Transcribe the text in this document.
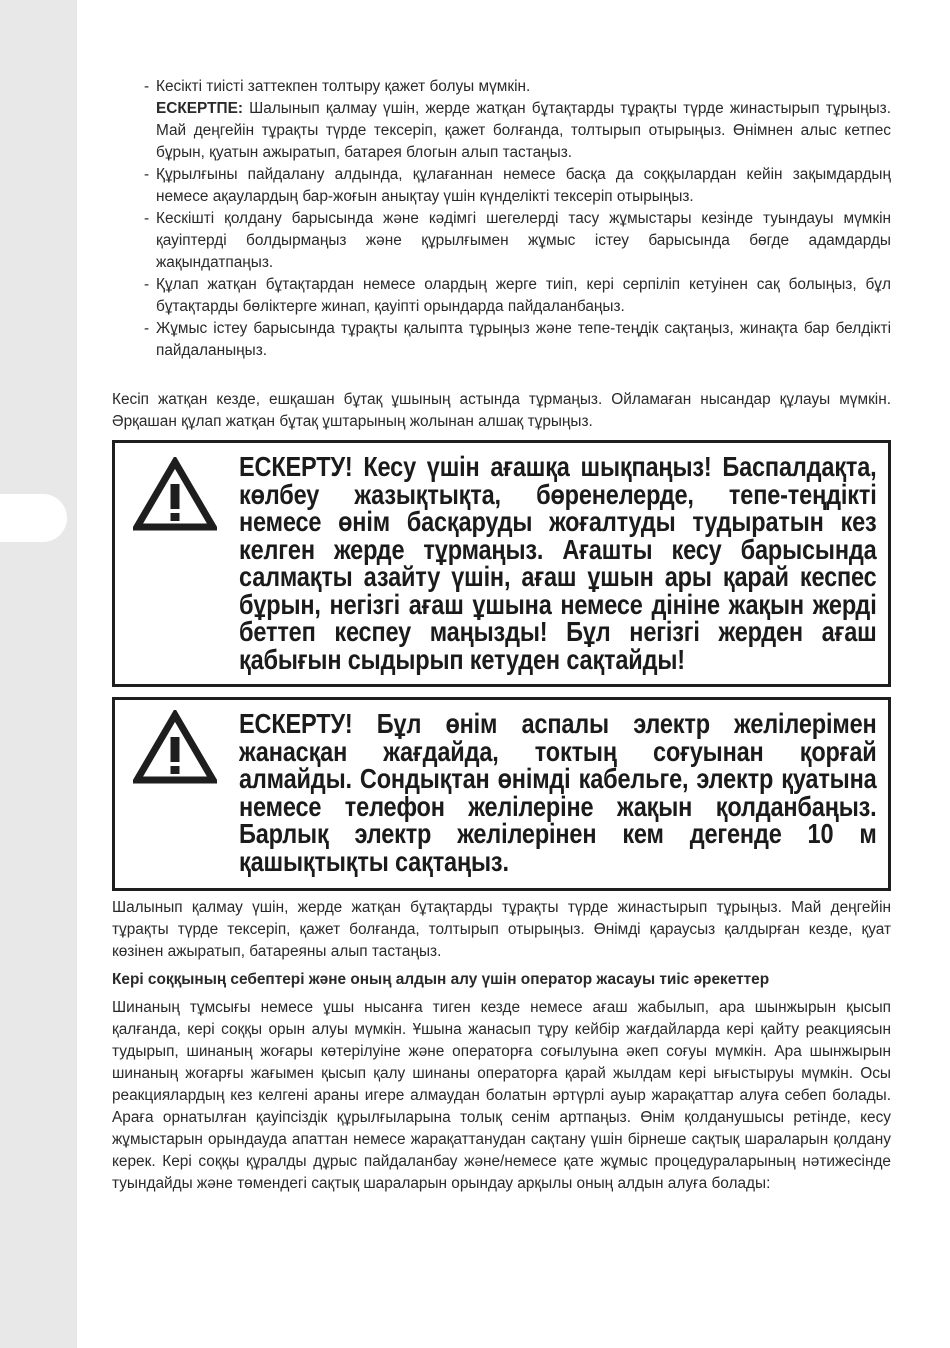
- Кесікті тиісті заттекпен толтыру қажет болуы мүмкін.

ЕСКЕРТПЕ: Шалынып қалмау үшін, жерде жатқан бұтақтарды тұрақты түрде жинастырып тұрыңыз. Май деңгейін тұрақты түрде тексеріп, қажет болғанда, толтырып отырыңыз. Өнімнен алыс кетпес бұрын, қуатын ажыратып, батарея блогын алып тастаңыз.

- Құрылғыны пайдалану алдында, құлағаннан немесе басқа да соққылардан кейін зақымдардың немесе ақаулардың бар-жоғын анықтау үшін күнделікті тексеріп отырыңыз.

- Кескішті қолдану барысында және кәдімгі шегелерді тасу жұмыстары кезінде туындауы мүмкін қауіптерді болдырмаңыз және құрылғымен жұмыс істеу барысында бөгде адамдарды жақындатпаңыз.

- Құлап жатқан бұтақтардан немесе олардың жерге тиіп, кері серпіліп кетуінен сақ болыңыз, бұл бұтақтарды бөліктерге жинап, қауіпті орындарда пайдаланбаңыз.

- Жұмыс істеу барысында тұрақты қалыпта тұрыңыз және тепе-теңдік сақтаңыз, жинақта бар белдікті пайдаланыңыз.

Кесіп жатқан кезде, ешқашан бұтақ ұшының астында тұрмаңыз. Ойламаған нысандар құлауы мүмкін. Әрқашан құлап жатқан бұтақ ұштарының жолынан алшақ тұрыңыз.

ЕСКЕРТУ! Кесу үшін ағашқа шықпаңыз! Баспалдақта, көлбеу жазықтықта, бөренелерде, тепе-теңдікті немесе өнім басқаруды жоғалтуды тудыратын кез келген жерде тұрмаңыз. Ағашты кесу барысында салмақты азайту үшін, ағаш ұшын ары қарай кеспес бұрын, негізгі ағаш ұшына немесе дініне жақын жерді беттеп кеспеу маңызды! Бұл негізгі жерден ағаш қабығын сыдырып кетуден сақтайды!

ЕСКЕРТУ! Бұл өнім аспалы электр желілерімен жанасқан жағдайда, токтың соғуынан қорғай алмайды. Сондықтан өнімді кабельге, электр қуатына немесе телефон желілеріне жақын қолданбаңыз. Барлық электр желілерінен кем дегенде 10 м қашықтықты сақтаңыз.

Шалынып қалмау үшін, жерде жатқан бұтақтарды тұрақты түрде жинастырып тұрыңыз. Май деңгейін тұрақты түрде тексеріп, қажет болғанда, толтырып отырыңыз. Өнімді қараусыз қалдырған кезде, қуат көзінен ажыратып, батареяны алып тастаңыз.

Кері соққының себептері және оның алдын алу үшін оператор жасауы тиіс әрекеттер

Шинаның тұмсығы немесе ұшы нысанға тиген кезде немесе ағаш жабылып, ара шынжырын қысып қалғанда, кері соққы орын алуы мүмкін. Ұшына жанасып тұру кейбір жағдайларда кері қайту реакциясын тудырып, шинаның жоғары көтерілуіне және операторға соғылуына әкеп соғуы мүмкін. Ара шынжырын шинаның жоғарғы жағымен қысып қалу шинаны операторға қарай жылдам кері ығыстыруы мүмкін. Осы реакциялардың кез келгені араны игере алмаудан болатын әртүрлі ауыр жарақаттар алуға себеп болады. Араға орнатылған қауіпсіздік құрылғыларына толық сенім артпаңыз. Өнім қолданушысы ретінде, кесу жұмыстарын орындауда апаттан немесе жарақаттанудан сақтану үшін бірнеше сақтық шараларын қолдану керек. Кері соққы құралды дұрыс пайдаланбау және/немесе қате жұмыс процедураларының нәтижесінде туындайды және төмендегі сақтық шараларын орындау арқылы оның алдын алуға болады:
